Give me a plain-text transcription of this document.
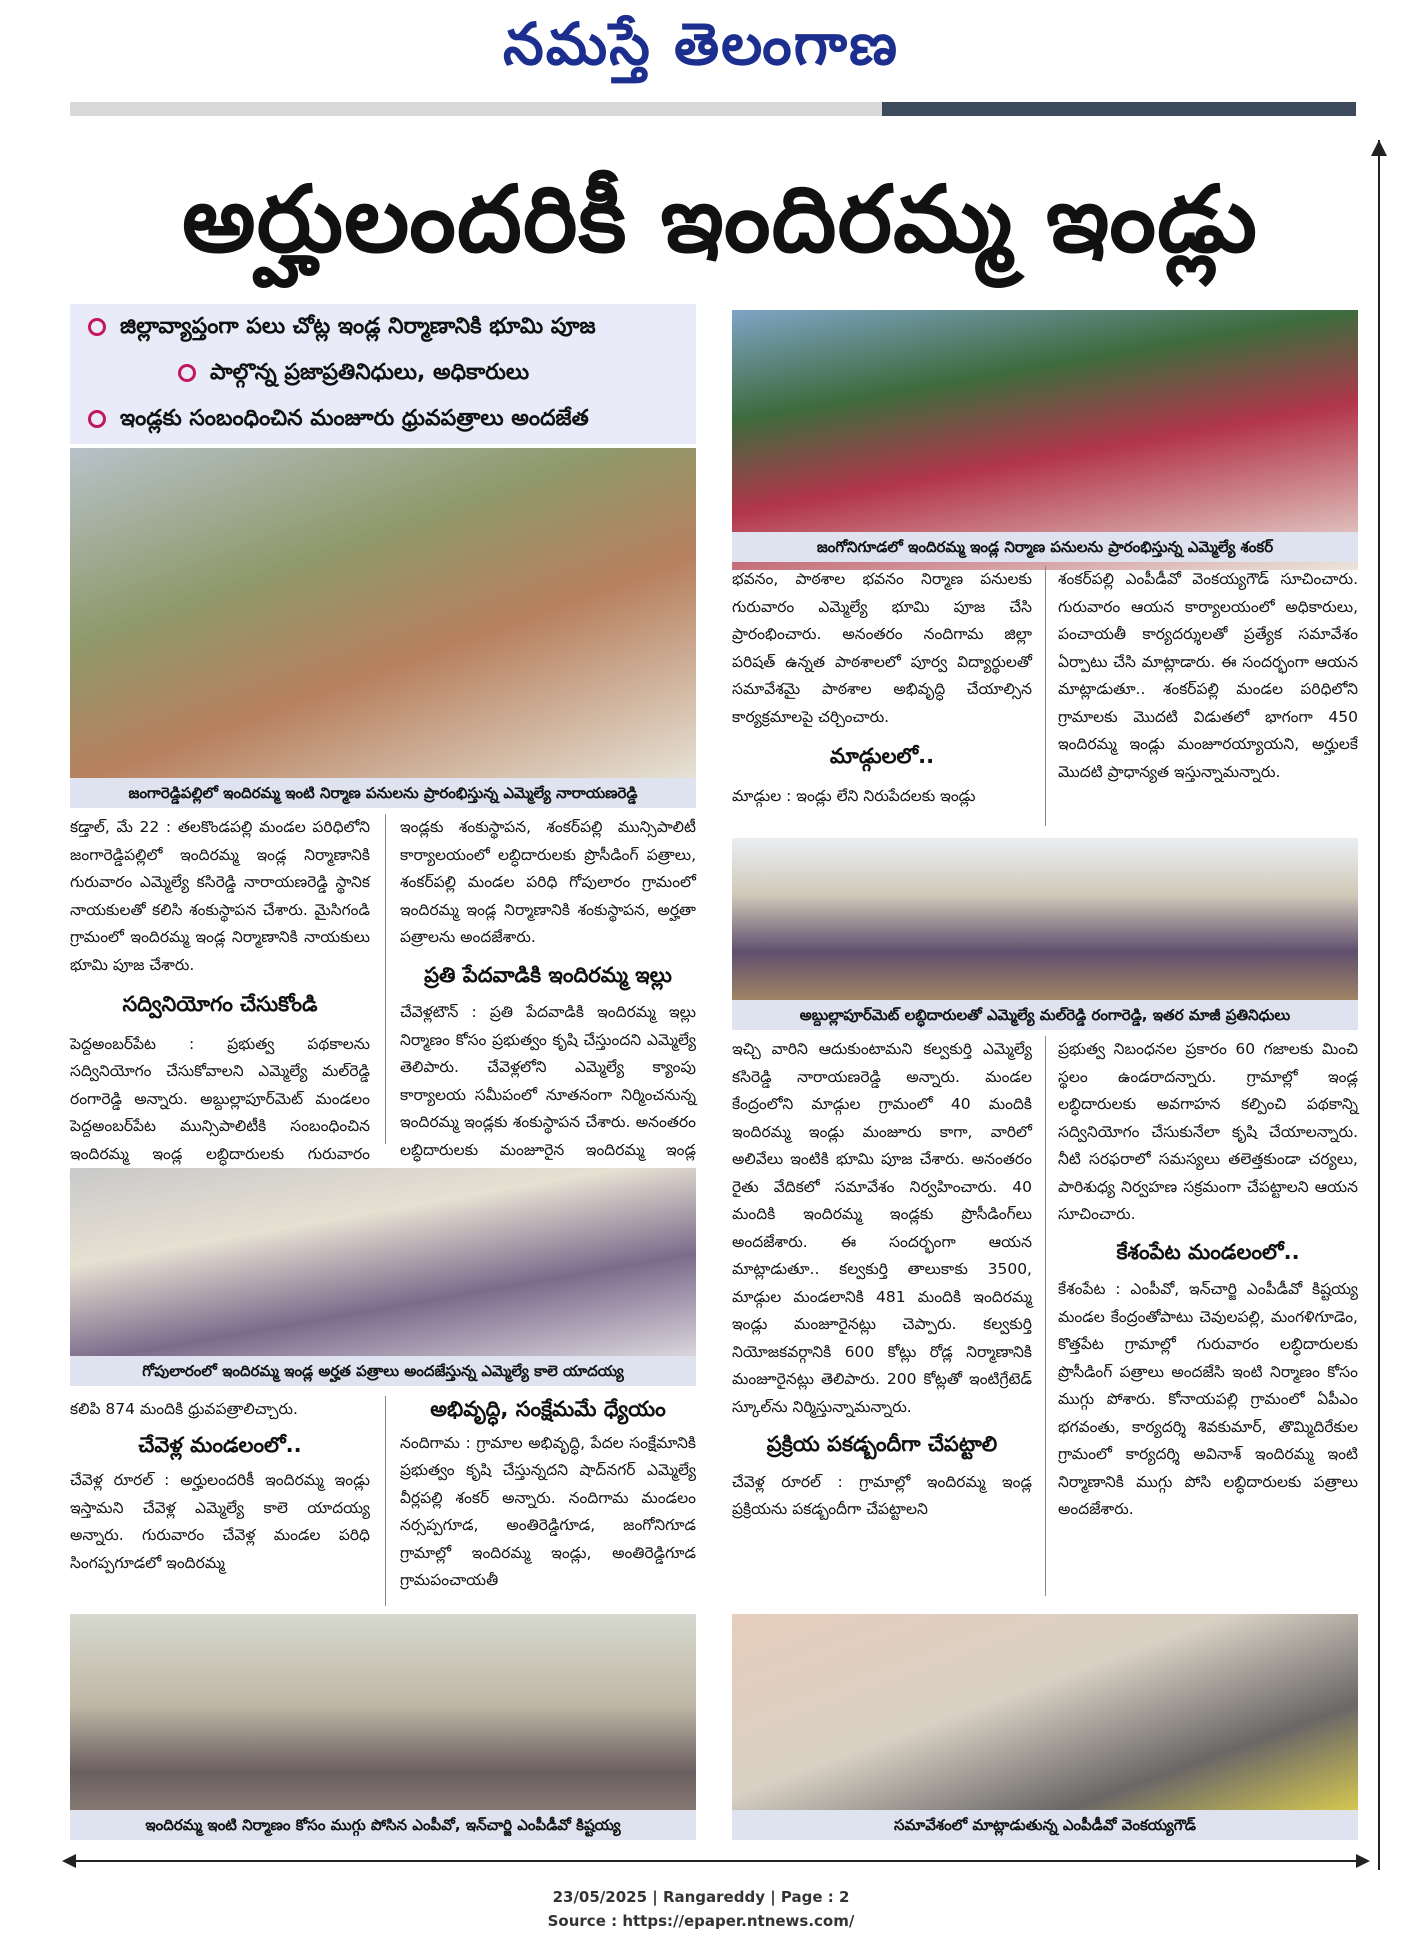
నమస్తే తెలంగాణ
అర్హులందరికీ ఇందిరమ్మ ఇండ్లు
జిల్లావ్యాప్తంగా పలు చోట్ల ఇండ్ల నిర్మాణానికి భూమి పూజ
పాల్గొన్న ప్రజాప్రతినిధులు, అధికారులు
ఇండ్లకు సంబంధించిన మంజూరు ధ్రువపత్రాలు అందజేత
జంగారెడ్డిపల్లిలో ఇందిరమ్మ ఇంటి నిర్మాణ పనులను ప్రారంభిస్తున్న ఎమ్మెల్యే నారాయణరెడ్డి
జంగోనిగూడలో ఇందిరమ్మ ఇండ్ల నిర్మాణ పనులను ప్రారంభిస్తున్న ఎమ్మెల్యే శంకర్

కడ్తాల్, మే 22 : తలకొండపల్లి మండల పరిధిలోని జంగారెడ్డిపల్లిలో ఇందిరమ్మ ఇండ్ల నిర్మాణానికి గురువారం ఎమ్మెల్యే కసిరెడ్డి నారాయణరెడ్డి స్థానిక నాయకులతో కలిసి శంకుస్థాపన చేశారు. మైసిగండి గ్రామంలో ఇందిరమ్మ ఇండ్ల నిర్మాణానికి నాయకులు భూమి పూజ చేశారు.

సద్వినియోగం చేసుకోండి

పెద్దఅంబర్‌పేట : ప్రభుత్వ పథకాలను సద్వినియోగం చేసుకోవాలని ఎమ్మెల్యే మల్‌రెడ్డి రంగారెడ్డి అన్నారు. అబ్దుల్లాపూర్‌మెట్ మండలం పెద్దఅంబర్‌పేట మున్సిపాలిటీకి సంబంధించిన ఇందిరమ్మ ఇండ్ల లబ్ధిదారులకు గురువారం

ఇండ్లకు శంకుస్థాపన, శంకర్‌పల్లి మున్సిపాలిటీ కార్యాలయంలో లబ్ధిదారులకు ప్రొసీడింగ్ పత్రాలు, శంకర్‌పల్లి మండల పరిధి గోపులారం గ్రామంలో ఇందిరమ్మ ఇండ్ల నిర్మాణానికి శంకుస్థాపన, అర్హతా పత్రాలను అందజేశారు.

ప్రతి పేదవాడికి ఇందిరమ్మ ఇల్లు

చేవెళ్లటౌన్ : ప్రతి పేదవాడికి ఇందిరమ్మ ఇల్లు నిర్మాణం కోసం ప్రభుత్వం కృషి చేస్తుందని ఎమ్మెల్యే తెలిపారు. చేవెళ్లలోని ఎమ్మెల్యే క్యాంపు కార్యాలయ సమీపంలో నూతనంగా నిర్మించనున్న ఇందిరమ్మ ఇండ్లకు శంకుస్థాపన చేశారు. అనంతరం లబ్ధిదారులకు మంజూరైన ఇందిరమ్మ ఇండ్ల

భవనం, పాఠశాల భవనం నిర్మాణ పనులకు గురువారం ఎమ్మెల్యే భూమి పూజ చేసి ప్రారంభించారు. అనంతరం నందిగామ జిల్లా పరిషత్ ఉన్నత పాఠశాలలో పూర్వ విద్యార్థులతో సమావేశమై పాఠశాల అభివృద్ధి చేయాల్సిన కార్యక్రమాలపై చర్చించారు.

మాడ్గులలో..

మాడ్గుల : ఇండ్లు లేని నిరుపేదలకు ఇండ్లు

శంకర్‌పల్లి ఎంపీడీవో వెంకయ్యగౌడ్ సూచించారు. గురువారం ఆయన కార్యాలయంలో అధికారులు, పంచాయతీ కార్యదర్శులతో ప్రత్యేక సమావేశం ఏర్పాటు చేసి మాట్లాడారు. ఈ సందర్భంగా ఆయన మాట్లాడుతూ.. శంకర్‌పల్లి మండల పరిధిలోని గ్రామాలకు మొదటి విడుతలో భాగంగా 450 ఇందిరమ్మ ఇండ్లు మంజూరయ్యాయని, అర్హులకే మొదటి ప్రాధాన్యత ఇస్తున్నామన్నారు.

అబ్దుల్లాపూర్‌మెట్ లబ్ధిదారులతో ఎమ్మెల్యే మల్‌రెడ్డి రంగారెడ్డి, ఇతర మాజీ ప్రతినిధులు
గోపులారంలో ఇందిరమ్మ ఇండ్ల అర్హత పత్రాలు అందజేస్తున్న ఎమ్మెల్యే కాలె యాదయ్య

కలిపి 874 మందికి ధ్రువపత్రాలిచ్చారు.

చేవెళ్ల మండలంలో..

చేవెళ్ల రూరల్ : అర్హులందరికీ ఇందిరమ్మ ఇండ్లు ఇస్తామని చేవెళ్ల ఎమ్మెల్యే కాలె యాదయ్య అన్నారు. గురువారం చేవెళ్ల మండల పరిధి సింగప్పగూడలో ఇందిరమ్మ

అభివృద్ధి, సంక్షేమమే ధ్యేయం

నందిగామ : గ్రామాల అభివృద్ధి, పేదల సంక్షేమానికి ప్రభుత్వం కృషి చేస్తున్నదని షాద్‌నగర్ ఎమ్మెల్యే వీర్లపల్లి శంకర్ అన్నారు. నందిగామ మండలం నర్సప్పగూడ, అంతిరెడ్డిగూడ, జంగోనిగూడ గ్రామాల్లో ఇందిరమ్మ ఇండ్లు, అంతిరెడ్డిగూడ గ్రామపంచాయతీ

ఇచ్చి వారిని ఆదుకుంటామని కల్వకుర్తి ఎమ్మెల్యే కసిరెడ్డి నారాయణరెడ్డి అన్నారు. మండల కేంద్రంలోని మాడ్గుల గ్రామంలో 40 మందికి ఇందిరమ్మ ఇండ్లు మంజూరు కాగా, వారిలో అలివేలు ఇంటికి భూమి పూజ చేశారు. అనంతరం రైతు వేదికలో సమావేశం నిర్వహించారు. 40 మందికి ఇందిరమ్మ ఇండ్లకు ప్రొసీడింగ్‌లు అందజేశారు. ఈ సందర్భంగా ఆయన మాట్లాడుతూ.. కల్వకుర్తి తాలుకాకు 3500, మాడ్గుల మండలానికి 481 మందికి ఇందిరమ్మ ఇండ్లు మంజూరైనట్లు చెప్పారు. కల్వకుర్తి నియోజకవర్గానికి 600 కోట్లు రోడ్ల నిర్మాణానికి మంజూరైనట్లు తెలిపారు. 200 కోట్లతో ఇంటిగ్రేటెడ్ స్కూల్‌ను నిర్మిస్తున్నామన్నారు.

ప్రక్రియ పకడ్బందీగా చేపట్టాలి

చేవెళ్ల రూరల్ : గ్రామాల్లో ఇందిరమ్మ ఇండ్ల ప్రక్రియను పకడ్బందీగా చేపట్టాలని

ప్రభుత్వ నిబంధనల ప్రకారం 60 గజాలకు మించి స్థలం ఉండరాదన్నారు. గ్రామాల్లో ఇండ్ల లబ్ధిదారులకు అవగాహన కల్పించి పథకాన్ని సద్వినియోగం చేసుకునేలా కృషి చేయాలన్నారు. నీటి సరఫరాలో సమస్యలు తలెత్తకుండా చర్యలు, పారిశుధ్య నిర్వహణ సక్రమంగా చేపట్టాలని ఆయన సూచించారు.

కేశంపేట మండలంలో..

కేశంపేట : ఎంపీవో, ఇన్‌చార్జి ఎంపీడీవో కిష్టయ్య మండల కేంద్రంతోపాటు చెవులపల్లి, మంగళిగూడెం, కొత్తపేట గ్రామాల్లో గురువారం లబ్ధిదారులకు ప్రొసీడింగ్ పత్రాలు అందజేసి ఇంటి నిర్మాణం కోసం ముగ్గు పోశారు. కోనాయపల్లి గ్రామంలో ఏపీఎం భగవంతు, కార్యదర్శి శివకుమార్, తొమ్మిదిరేకుల గ్రామంలో కార్యదర్శి అవినాశ్ ఇందిరమ్మ ఇంటి నిర్మాణానికి ముగ్గు పోసి లబ్ధిదారులకు పత్రాలు అందజేశారు.

ఇందిరమ్మ ఇంటి నిర్మాణం కోసం ముగ్గు పోసిన ఎంపీవో, ఇన్‌చార్జి ఎంపీడీవో కిష్టయ్య	సమావేశంలో మాట్లాడుతున్న ఎంపీడీవో వెంకయ్యగౌడ్
23/05/2025 | Rangareddy | Page : 2
Source : https://epaper.ntnews.com/
